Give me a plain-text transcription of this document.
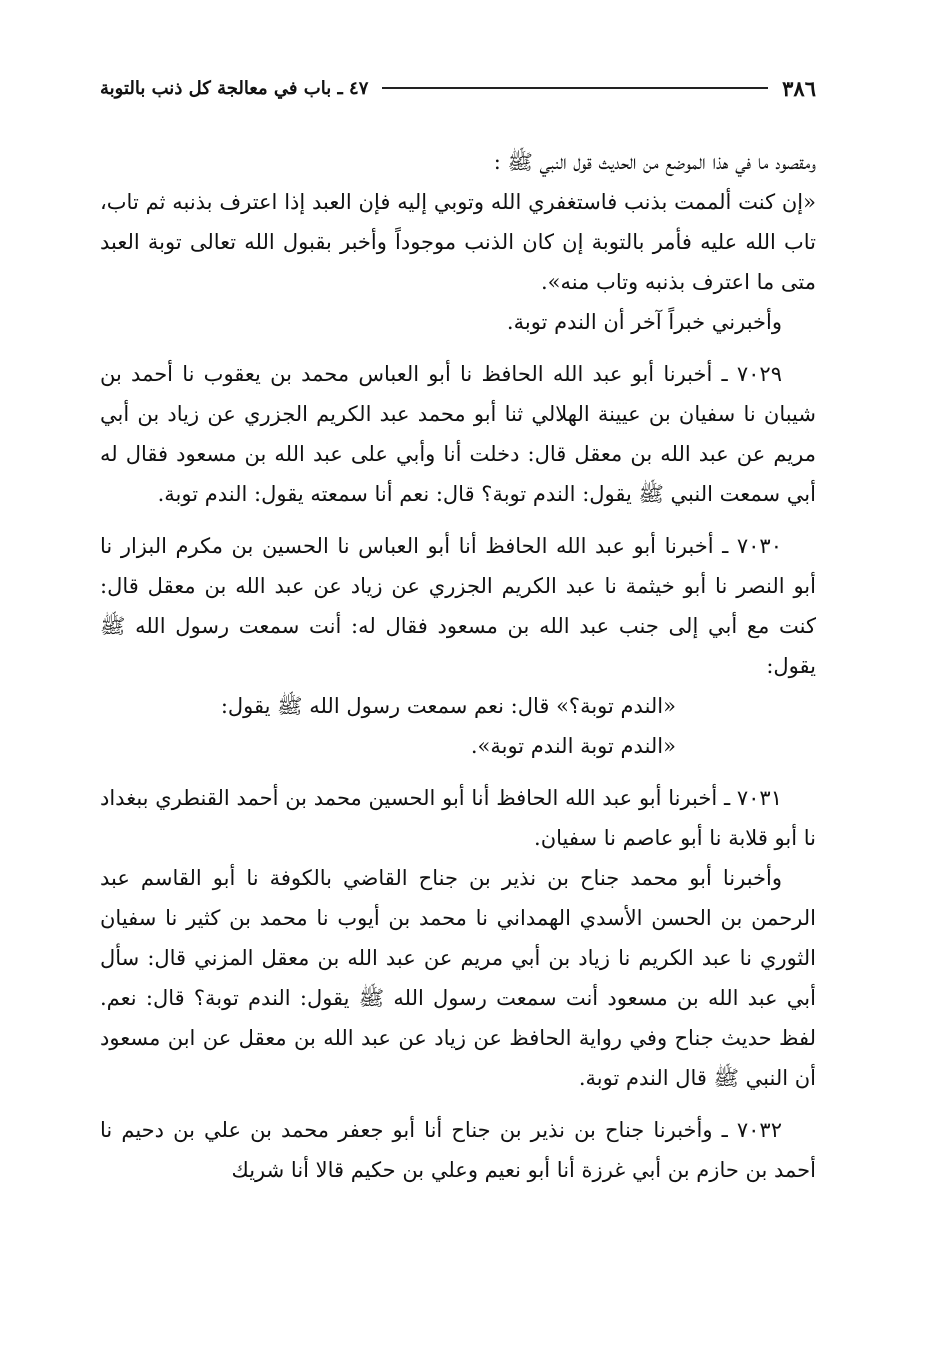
٣٨٦
٤٧ ـ باب في معالجة كل ذنب بالتوبة

ومقصود ما في هذا الموضع من الحديث قول النبي ﷺ :

«إن كنت ألممت بذنب فاستغفري الله وتوبي إليه فإن العبد إذا اعترف بذنبه ثم تاب، تاب الله عليه فأمر بالتوبة إن كان الذنب موجوداً وأخبر بقبول الله تعالى توبة العبد متى ما اعترف بذنبه وتاب منه».

وأخبرني خبراً آخر أن الندم توبة.

٧٠٢٩ ـ أخبرنا أبو عبد الله الحافظ نا أبو العباس محمد بن يعقوب نا أحمد بن شيبان نا سفيان بن عيينة الهلالي ثنا أبو محمد عبد الكريم الجزري عن زياد بن أبي مريم عن عبد الله بن معقل قال: دخلت أنا وأبي على عبد الله بن مسعود فقال له أبي سمعت النبي ﷺ يقول: الندم توبة؟ قال: نعم أنا سمعته يقول: الندم توبة.

٧٠٣٠ ـ أخبرنا أبو عبد الله الحافظ أنا أبو العباس نا الحسين بن مكرم البزار نا أبو النصر نا أبو خيثمة نا عبد الكريم الجزري عن زياد عن عبد الله بن معقل قال: كنت مع أبي إلى جنب عبد الله بن مسعود فقال له: أنت سمعت رسول الله ﷺ يقول:

«الندم توبة؟» قال: نعم سمعت رسول الله ﷺ يقول:

«الندم توبة الندم توبة».

٧٠٣١ ـ أخبرنا أبو عبد الله الحافظ أنا أبو الحسين محمد بن أحمد القنطري ببغداد نا أبو قلابة نا أبو عاصم نا سفيان.

وأخبرنا أبو محمد جناح بن نذير بن جناح القاضي بالكوفة نا أبو القاسم عبد الرحمن بن الحسن الأسدي الهمداني نا محمد بن أيوب نا محمد بن كثير نا سفيان الثوري نا عبد الكريم نا زياد بن أبي مريم عن عبد الله بن معقل المزني قال: سأل أبي عبد الله بن مسعود أنت سمعت رسول الله ﷺ يقول: الندم توبة؟ قال: نعم. لفظ حديث جناح وفي رواية الحافظ عن زياد عن عبد الله بن معقل عن ابن مسعود أن النبي ﷺ قال الندم توبة.

٧٠٣٢ ـ وأخبرنا جناح بن نذير بن جناح أنا أبو جعفر محمد بن علي بن دحيم نا أحمد بن حازم بن أبي غرزة أنا أبو نعيم وعلي بن حكيم قالا أنا شريك
